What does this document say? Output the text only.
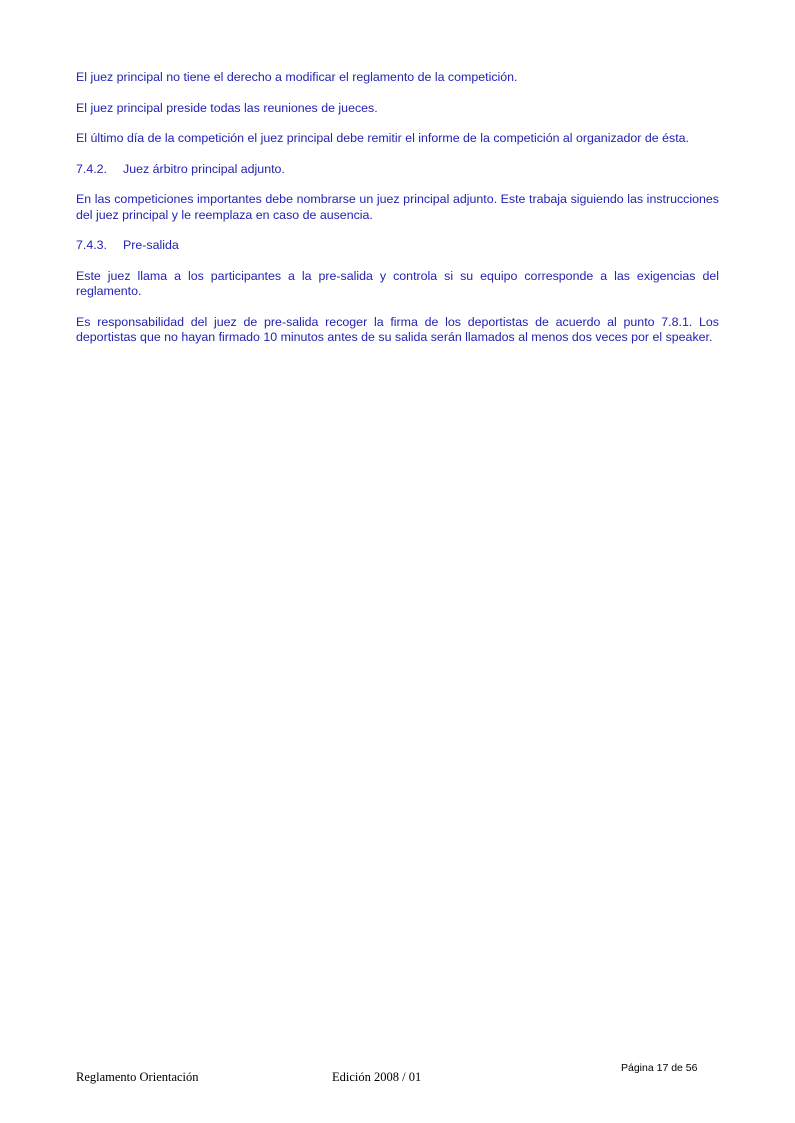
El juez principal no tiene el derecho a modificar el reglamento de la competición.

El juez principal preside todas las reuniones de jueces.

El último día de la competición el juez principal debe remitir el informe de la competición al organizador de ésta.

7.4.2. Juez árbitro principal adjunto.

En las competiciones importantes debe nombrarse un juez principal adjunto. Este trabaja siguiendo las instrucciones del juez principal y le reemplaza en caso de ausencia.

7.4.3. Pre-salida

Este juez llama a los participantes a la pre-salida y controla si su equipo corresponde a las exigencias del reglamento.

Es responsabilidad del juez de pre-salida recoger la firma de los deportistas de acuerdo al punto 7.8.1. Los deportistas que no hayan firmado 10 minutos antes de su salida serán llamados al menos dos veces por el speaker.

Página 17 de 56
Reglamento Orientación	Edición 2008 / 01
